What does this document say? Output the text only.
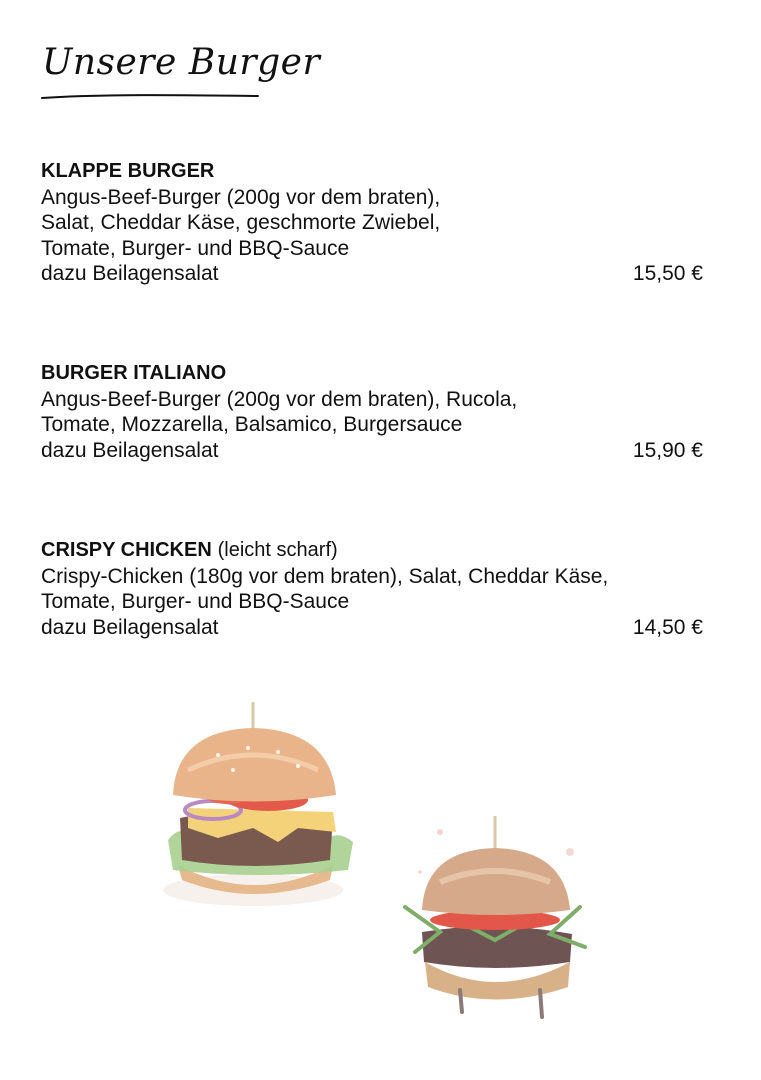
Unsere Burger
KLAPPE BURGER
Angus-Beef-Burger (200g vor dem braten),
Salat, Cheddar Käse, geschmorte Zwiebel,
Tomate, Burger- und BBQ-Sauce
dazu Beilagensalat	15,50 €
BURGER ITALIANO
Angus-Beef-Burger (200g vor dem braten), Rucola,
Tomate, Mozzarella, Balsamico, Burgersauce
dazu Beilagensalat	15,90 €
CRISPY CHICKEN (leicht scharf)
Crispy-Chicken (180g vor dem braten), Salat, Cheddar Käse,
Tomate, Burger- und BBQ-Sauce
dazu Beilagensalat	14,50 €
